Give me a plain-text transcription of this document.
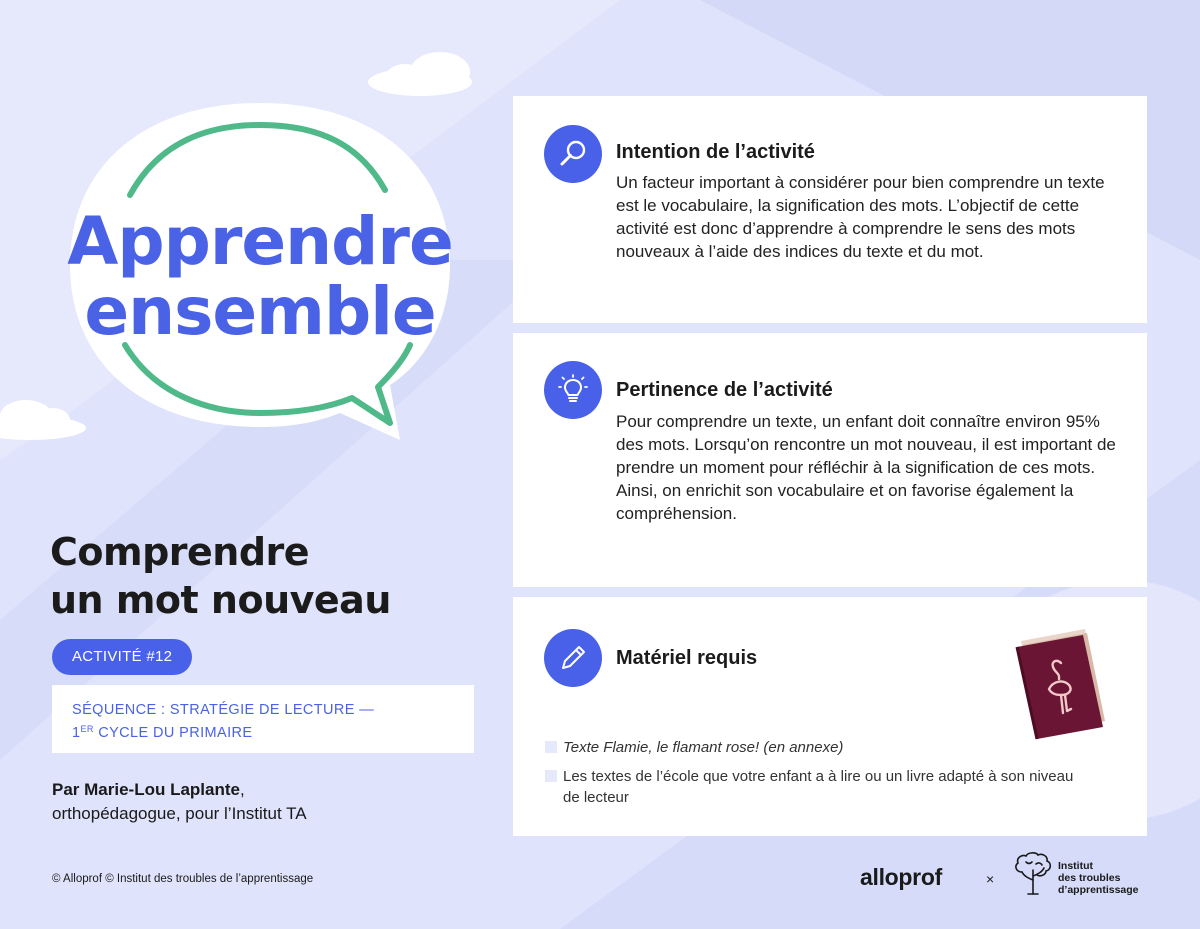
Apprendre
ensemble
Comprendre
un mot nouveau
ACTIVITÉ #12
SÉQUENCE : STRATÉGIE DE LECTURE —
1ER CYCLE DU PRIMAIRE
Par Marie-Lou Laplante,
orthopédagogue, pour l’Institut TA
© Alloprof © Institut des troubles de l’apprentissage
Intention de l’activité
Un facteur important à considérer pour bien comprendre un texte est le vocabulaire, la signification des mots. L’objectif de cette activité est donc d’apprendre à comprendre le sens des mots nouveaux à l’aide des indices du texte et du mot.
Pertinence de l’activité
Pour comprendre un texte, un enfant doit connaître environ 95% des mots. Lorsqu’on rencontre un mot nouveau, il est important de prendre un moment pour réfléchir à la signification de ces mots. Ainsi, on enrichit son vocabulaire et on favorise également la compréhension.
Matériel requis
Texte Flamie, le flamant rose! (en annexe)
Les textes de l’école que votre enfant a à lire ou un livre adapté à son niveau de lecteur
alloprof	×
Institut
des troubles
d’apprentissage
